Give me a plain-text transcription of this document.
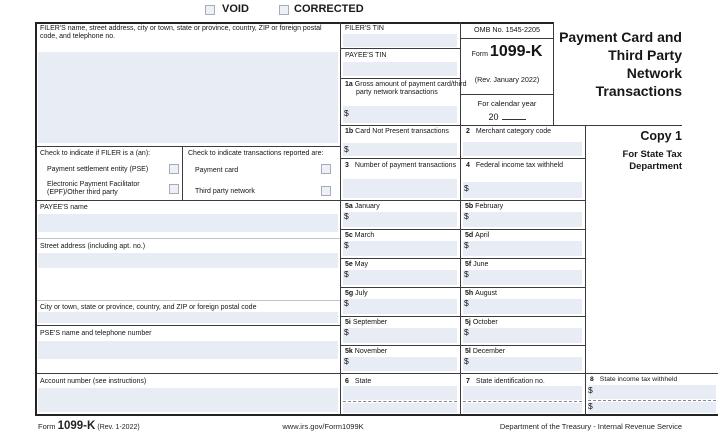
VOID	CORRECTED
FILER'S name, street address, city or town, state or province, country, ZIP or foreign postal code, and telephone no.
Check to indicate if FILER is a (an):
Payment settlement entity (PSE)
Electronic Payment Facilitator (EPF)/Other third party
Check to indicate transactions reported are:
Payment card
Third party network
PAYEE'S name
Street address (including apt. no.)
City or town, state or province, country, and ZIP or foreign postal code
PSE'S name and telephone number
Account number (see instructions)
FILER'S TIN
PAYEE'S TIN
1a Gross amount of payment card/third party network transactions
$
OMB No. 1545-2205
Form 1099-K
(Rev. January 2022)
For calendar year
20
1b Card Not Present transactions
$
2 Merchant category code
3 Number of payment transactions	4 Federal income tax withheld
$
5a January
$
5b February
$
5c March
$
5d April
$
5e May
$
5f June
$
5g July
$
5h August
$
5i September
$
5j October
$
5k November
$
5l December
$
6 State	7 State identification no.	8 State income tax withheld
$
$
Payment Card and
Third Party
Network
Transactions
Copy 1
For State Tax
Department
Form 1099-K (Rev. 1-2022)	www.irs.gov/Form1099K	Department of the Treasury - Internal Revenue Service
